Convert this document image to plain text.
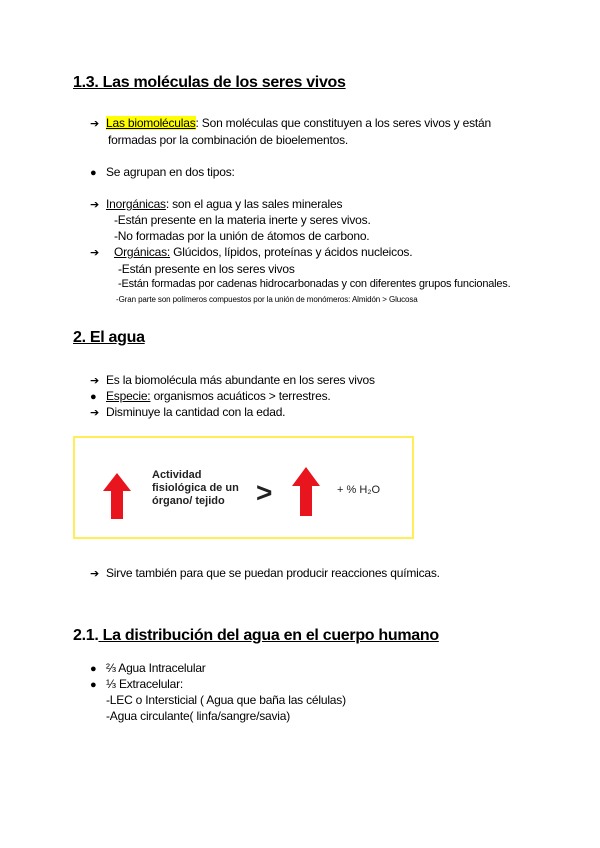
1.3. Las moléculas de los seres vivos
➔ Las biomoléculas: Son moléculas que constituyen a los seres vivos y están
formadas por la combinación de bioelementos.
● Se agrupan en dos tipos:
➔ Inorgánicas: son el agua y las sales minerales
-Están presente en la materia inerte y seres vivos.
-No formadas por la unión de átomos de carbono.
➔ Orgánicas: Glúcidos, lípidos, proteínas y ácidos nucleicos.
-Están presente en los seres vivos
-Están formadas por cadenas hidrocarbonadas y con diferentes grupos funcionales.
-Gran parte son polímeros compuestos por la unión de monómeros: Almidón > Glucosa
2. El agua
➔ Es la biomolécula más abundante en los seres vivos
● Especie: organismos acuáticos > terrestres.
➔ Disminuye la cantidad con la edad.
Actividad
fisiológica de un
órgano/ tejido >	+ % H₂O
➔ Sirve también para que se puedan producir reacciones químicas.
2.1. La distribución del agua en el cuerpo humano
● ⅔ Agua Intracelular
● ⅓ Extracelular:
-LEC o Intersticial ( Agua que baña las células)
-Agua circulante( linfa/sangre/savia)
